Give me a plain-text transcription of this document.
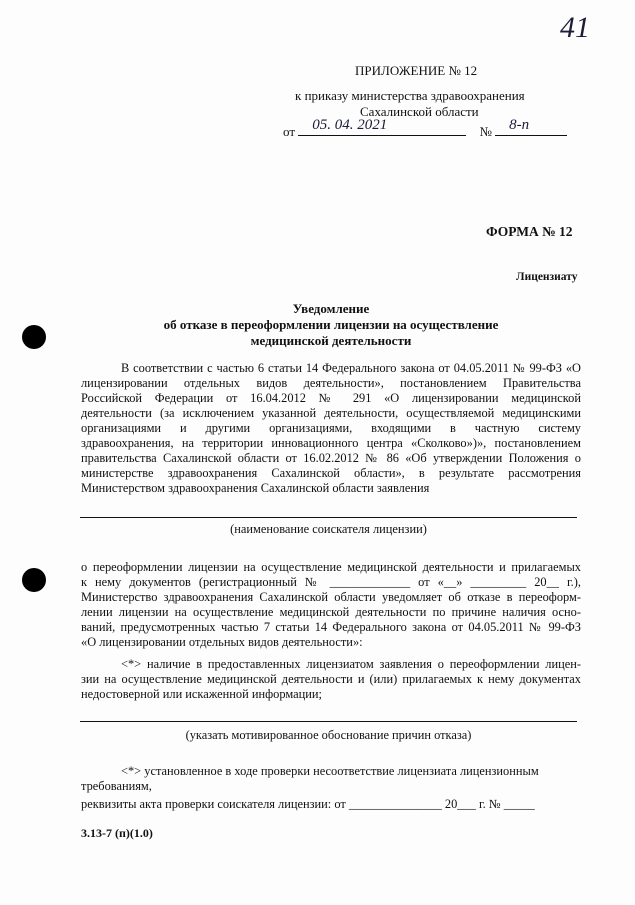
41
ПРИЛОЖЕНИЕ № 12
к приказу министерства здравоохранения
Сахалинской области
от 05. 04. 2021	№ 8-п
ФОРМА № 12
Лицензиату
Уведомление
об отказе в переоформлении лицензии на осуществление
медицинской деятельности
В соответствии с частью 6 статьи 14 Федерального закона от 04.05.2011 № 99-ФЗ «О
лицензировании отдельных видов деятельности», постановлением Правительства
Российской Федерации от 16.04.2012 № 291 «О лицензировании медицинской
деятельности (за исключением указанной деятельности, осуществляемой медицинскими
организациями и другими организациями, входящими в частную систему
здравоохранения, на территории инновационного центра «Сколково»)», постановлением
правительства Сахалинской области от 16.02.2012 № 86 «Об утверждении Положения о
министерстве здравоохранения Сахалинской области», в результате рассмотрения
Министерством здравоохранения Сахалинской области заявления
(наименование соискателя лицензии)
о переоформлении лицензии на осуществление медицинской деятельности и прилагаемых
к нему документов (регистрационный № _____________ от «__» _________ 20__ г.),
Министерство здравоохранения Сахалинской области уведомляет об отказе в переоформ-
лении лицензии на осуществление медицинской деятельности по причине наличия осно-
ваний, предусмотренных частью 7 статьи 14 Федерального закона от 04.05.2011 № 99-ФЗ
«О лицензировании отдельных видов деятельности»:
<*> наличие в предоставленных лицензиатом заявления о переоформлении лицен-
зии на осуществление медицинской деятельности и (или) прилагаемых к нему документах
недостоверной или искаженной информации;
(указать мотивированное обоснование причин отказа)
<*> установленное в ходе проверки несоответствие лицензиата лицензионным
требованиям,
реквизиты акта проверки соискателя лицензии: от _______________ 20___ г. № _____
3.13-7 (п)(1.0)
